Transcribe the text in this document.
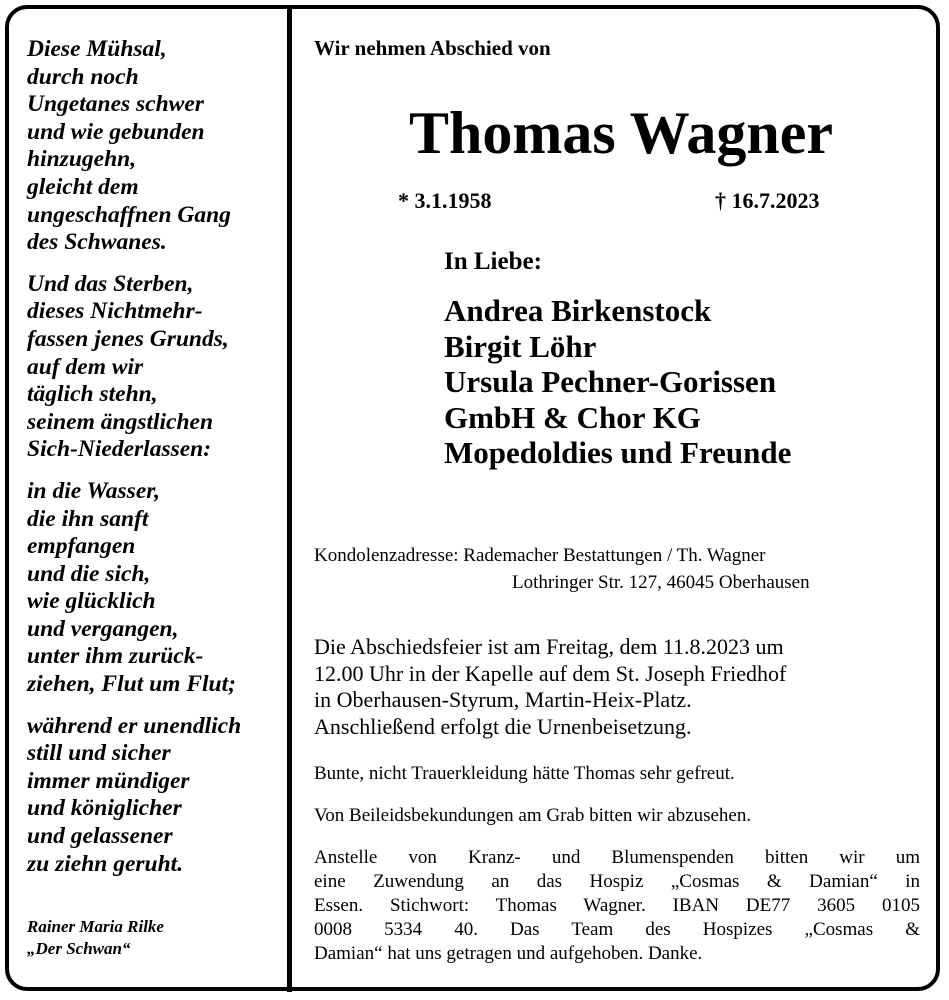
Diese Mühsal,
durch noch
Ungetanes schwer
und wie gebunden
hinzugehn,
gleicht dem
ungeschaffnen Gang
des Schwanes.
Und das Sterben,
dieses Nichtmehr-
fassen jenes Grunds,
auf dem wir
täglich stehn,
seinem ängstlichen
Sich-Niederlassen:
in die Wasser,
die ihn sanft
empfangen
und die sich,
wie glücklich
und vergangen,
unter ihm zurück-
ziehen, Flut um Flut;
während er unendlich
still und sicher
immer mündiger
und königlicher
und gelassener
zu ziehn geruht.
Rainer Maria Rilke
„Der Schwan“
Wir nehmen Abschied von
Thomas Wagner
* 3.1.1958	† 16.7.2023
In Liebe:
Andrea Birkenstock
Birgit Löhr
Ursula Pechner-Gorissen
GmbH & Chor KG
Mopedoldies und Freunde
Kondolenzadresse: Rademacher Bestattungen / Th. Wagner
Lothringer Str. 127, 46045 Oberhausen
Die Abschiedsfeier ist am Freitag, dem 11.8.2023 um
12.00 Uhr in der Kapelle auf dem St. Joseph Friedhof
in Oberhausen-Styrum, Martin-Heix-Platz.
Anschließend erfolgt die Urnenbeisetzung.
Bunte, nicht Trauerkleidung hätte Thomas sehr gefreut.
Von Beileidsbekundungen am Grab bitten wir abzusehen.
Anstelle von Kranz- und Blumenspenden bitten wir um
eine Zuwendung an das Hospiz „Cosmas & Damian“ in
Essen. Stichwort: Thomas Wagner. IBAN DE77 3605 0105
0008 5334 40. Das Team des Hospizes „Cosmas &
Damian“ hat uns getragen und aufgehoben. Danke.
